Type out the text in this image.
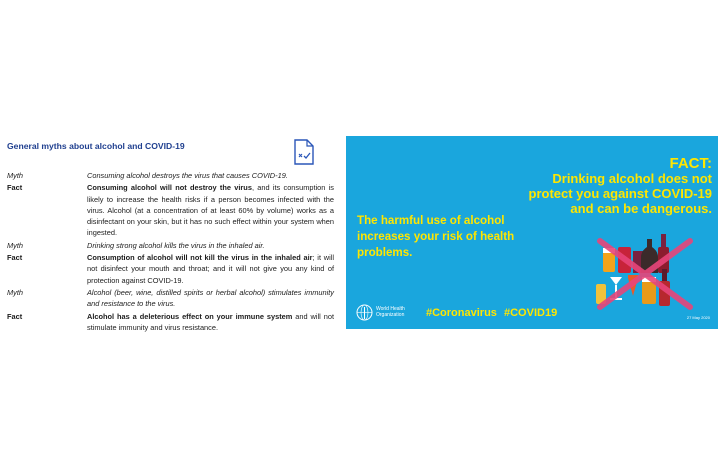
General myths about alcohol and COVID-19
Myth	Consuming alcohol destroys the virus that causes COVID-19.
Fact	Consuming alcohol will not destroy the virus, and its consumption is likely to increase the health risks if a person becomes infected with the virus. Alcohol (at a concentration of at least 60% by volume) works as a disinfectant on your skin, but it has no such effect within your system when ingested.
Myth	Drinking strong alcohol kills the virus in the inhaled air.
Fact	Consumption of alcohol will not kill the virus in the inhaled air; it will not disinfect your mouth and throat; and it will not give you any kind of protection against COVID-19.
Myth	Alcohol (beer, wine, distilled spirits or herbal alcohol) stimulates immunity and resistance to the virus.
Fact	Alcohol has a deleterious effect on your immune system and will not stimulate immunity and virus resistance.
FACT:
Drinking alcohol does not
protect you against COVID-19
and can be dangerous.
The harmful use of alcohol increases your risk of health problems.
World Health
Organization	#Coronavirus #COVID19	27 May 2020
